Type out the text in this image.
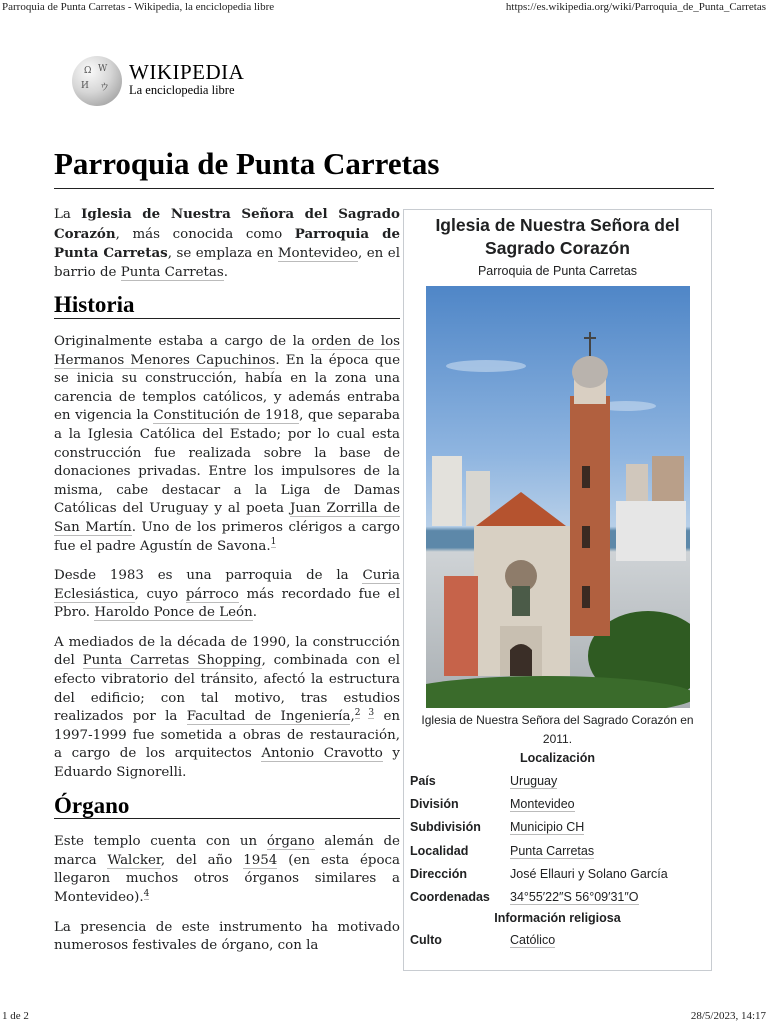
Parroquia de Punta Carretas - Wikipedia, la enciclopedia libre	https://es.wikipedia.org/wiki/Parroquia_de_Punta_Carretas
1 de 2	28/5/2023, 14:17
Ω W
И ウ
WIKIPEDIA
La enciclopedia libre
Parroquia de Punta Carretas

La Iglesia de Nuestra Señora del Sagrado Corazón, más conocida como Parroquia de Punta Carretas, se emplaza en Montevideo, en el barrio de Punta Carretas.

Historia

Originalmente estaba a cargo de la orden de los Hermanos Menores Capuchinos. En la época que se inicia su construcción, había en la zona una carencia de templos católicos, y además entraba en vigencia la Constitución de 1918, que separaba a la Iglesia Católica del Estado; por lo cual esta construcción fue realizada sobre la base de donaciones privadas. Entre los impulsores de la misma, cabe destacar a la Liga de Damas Católicas del Uruguay y al poeta Juan Zorrilla de San Martín. Uno de los primeros clérigos a cargo fue el padre Agustín de Savona.$^1$

Desde 1983 es una parroquia de la Curia Eclesiástica, cuyo párroco más recordado fue el Pbro. Haroldo Ponce de León.

A mediados de la década de 1990, la construcción del Punta Carretas Shopping, combinada con el efecto vibratorio del tránsito, afectó la estructura del edificio; con tal motivo, tras estudios realizados por la Facultad de Ingeniería,$^{2 3}$ en 1997-1999 fue sometida a obras de restauración, a cargo de los arquitectos Antonio Cravotto y Eduardo Signorelli.

Órgano

Este templo cuenta con un órgano alemán de marca Walcker, del año 1954 (en esta época llegaron muchos otros órganos similares a Montevideo).$^4$

La presencia de este instrumento ha motivado numerosos festivales de órgano, con la

Iglesia de Nuestra Señora del Sagrado Corazón
Parroquia de Punta Carretas
Iglesia de Nuestra Señora del Sagrado Corazón en 2011.
Localización
País	Uruguay
División	Montevideo
Subdivisión	Municipio CH
Localidad	Punta Carretas
Dirección	José Ellauri y Solano García
Coordenadas	34°55′22″S 56°09′31″O
Información religiosa
Culto	Católico
